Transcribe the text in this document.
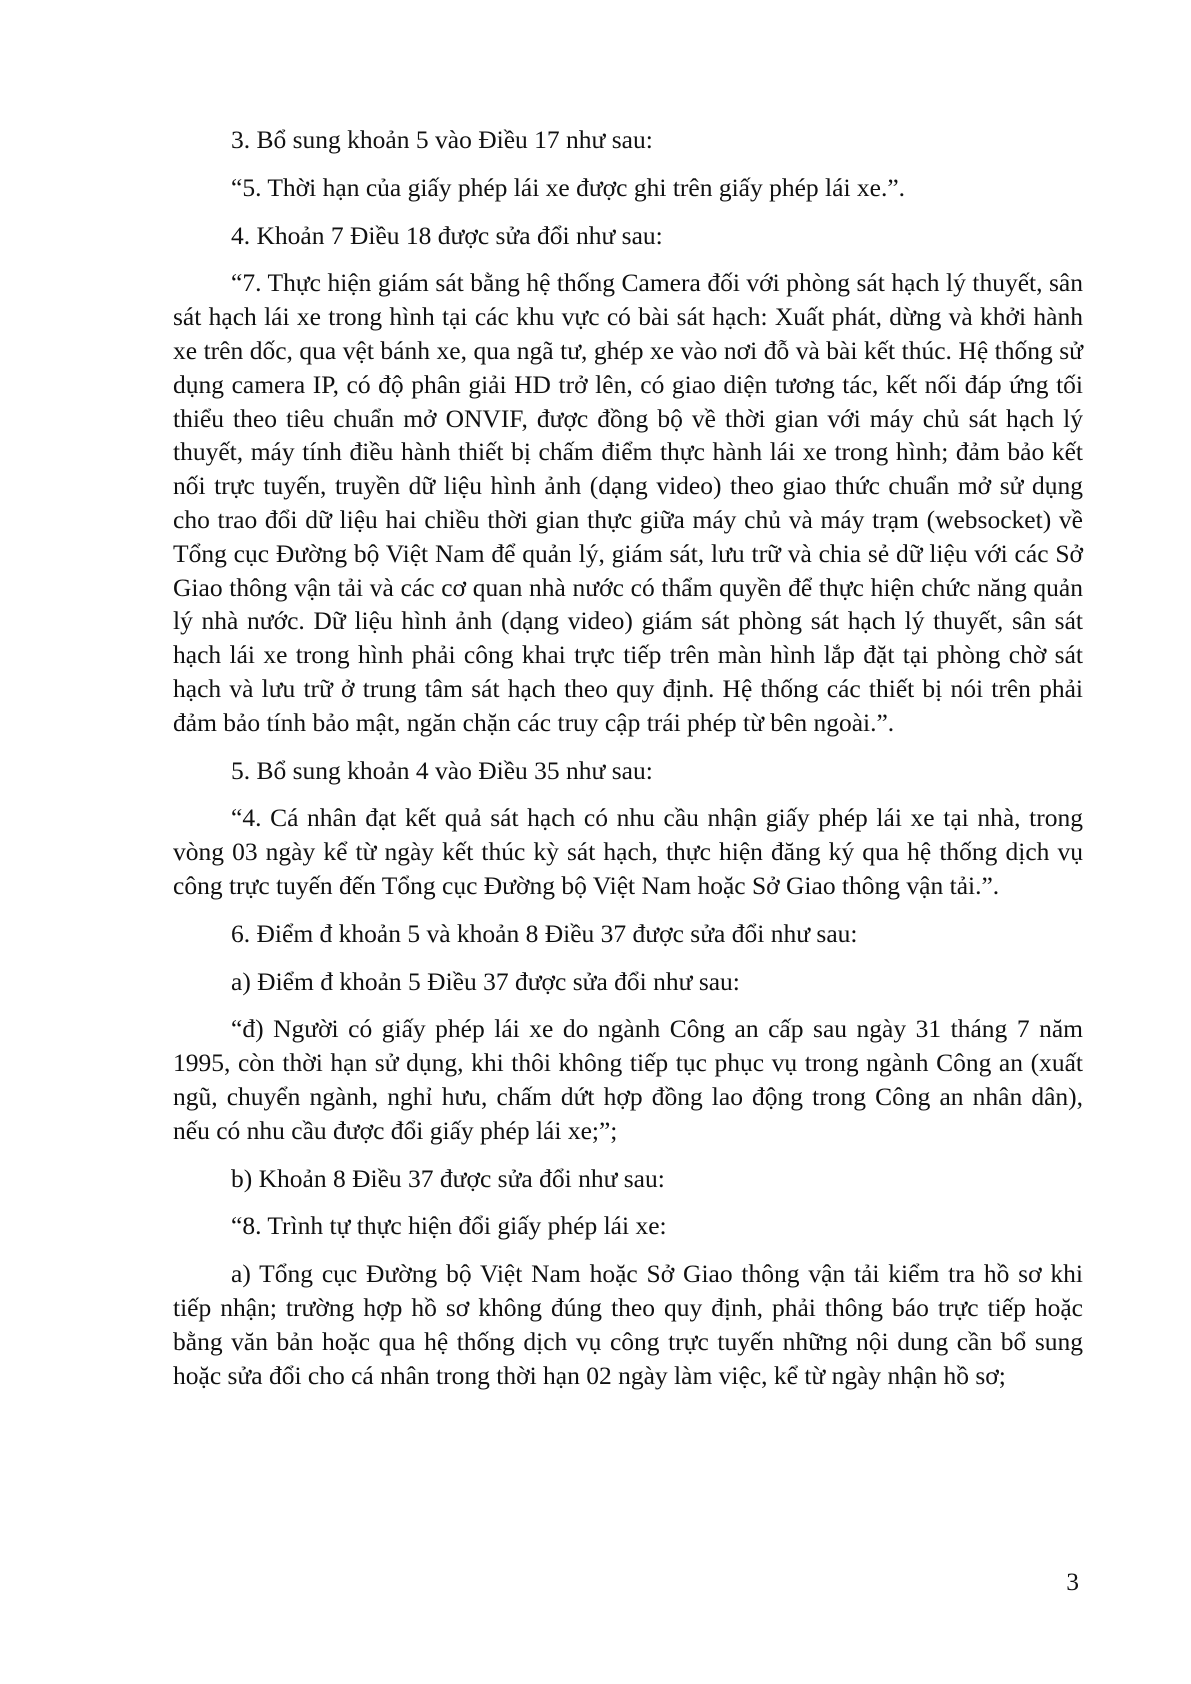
3. Bổ sung khoản 5 vào Điều 17 như sau:

“5. Thời hạn của giấy phép lái xe được ghi trên giấy phép lái xe.”.

4. Khoản 7 Điều 18 được sửa đổi như sau:

“7. Thực hiện giám sát bằng hệ thống Camera đối với phòng sát hạch lý thuyết, sân sát hạch lái xe trong hình tại các khu vực có bài sát hạch: Xuất phát, dừng và khởi hành xe trên dốc, qua vệt bánh xe, qua ngã tư, ghép xe vào nơi đỗ và bài kết thúc. Hệ thống sử dụng camera IP, có độ phân giải HD trở lên, có giao diện tương tác, kết nối đáp ứng tối thiểu theo tiêu chuẩn mở ONVIF, được đồng bộ về thời gian với máy chủ sát hạch lý thuyết, máy tính điều hành thiết bị chấm điểm thực hành lái xe trong hình; đảm bảo kết nối trực tuyến, truyền dữ liệu hình ảnh (dạng video) theo giao thức chuẩn mở sử dụng cho trao đổi dữ liệu hai chiều thời gian thực giữa máy chủ và máy trạm (websocket) về Tổng cục Đường bộ Việt Nam để quản lý, giám sát, lưu trữ và chia sẻ dữ liệu với các Sở Giao thông vận tải và các cơ quan nhà nước có thẩm quyền để thực hiện chức năng quản lý nhà nước. Dữ liệu hình ảnh (dạng video) giám sát phòng sát hạch lý thuyết, sân sát hạch lái xe trong hình phải công khai trực tiếp trên màn hình lắp đặt tại phòng chờ sát hạch và lưu trữ ở trung tâm sát hạch theo quy định. Hệ thống các thiết bị nói trên phải đảm bảo tính bảo mật, ngăn chặn các truy cập trái phép từ bên ngoài.”.

5. Bổ sung khoản 4 vào Điều 35 như sau:

“4. Cá nhân đạt kết quả sát hạch có nhu cầu nhận giấy phép lái xe tại nhà, trong vòng 03 ngày kể từ ngày kết thúc kỳ sát hạch, thực hiện đăng ký qua hệ thống dịch vụ công trực tuyến đến Tổng cục Đường bộ Việt Nam hoặc Sở Giao thông vận tải.”.

6. Điểm đ khoản 5 và khoản 8 Điều 37 được sửa đổi như sau:

a) Điểm đ khoản 5 Điều 37 được sửa đổi như sau:

“đ) Người có giấy phép lái xe do ngành Công an cấp sau ngày 31 tháng 7 năm 1995, còn thời hạn sử dụng, khi thôi không tiếp tục phục vụ trong ngành Công an (xuất ngũ, chuyển ngành, nghỉ hưu, chấm dứt hợp đồng lao động trong Công an nhân dân), nếu có nhu cầu được đổi giấy phép lái xe;”;

b) Khoản 8 Điều 37 được sửa đổi như sau:

“8. Trình tự thực hiện đổi giấy phép lái xe:

a) Tổng cục Đường bộ Việt Nam hoặc Sở Giao thông vận tải kiểm tra hồ sơ khi tiếp nhận; trường hợp hồ sơ không đúng theo quy định, phải thông báo trực tiếp hoặc bằng văn bản hoặc qua hệ thống dịch vụ công trực tuyến những nội dung cần bổ sung hoặc sửa đổi cho cá nhân trong thời hạn 02 ngày làm việc, kể từ ngày nhận hồ sơ;

3
